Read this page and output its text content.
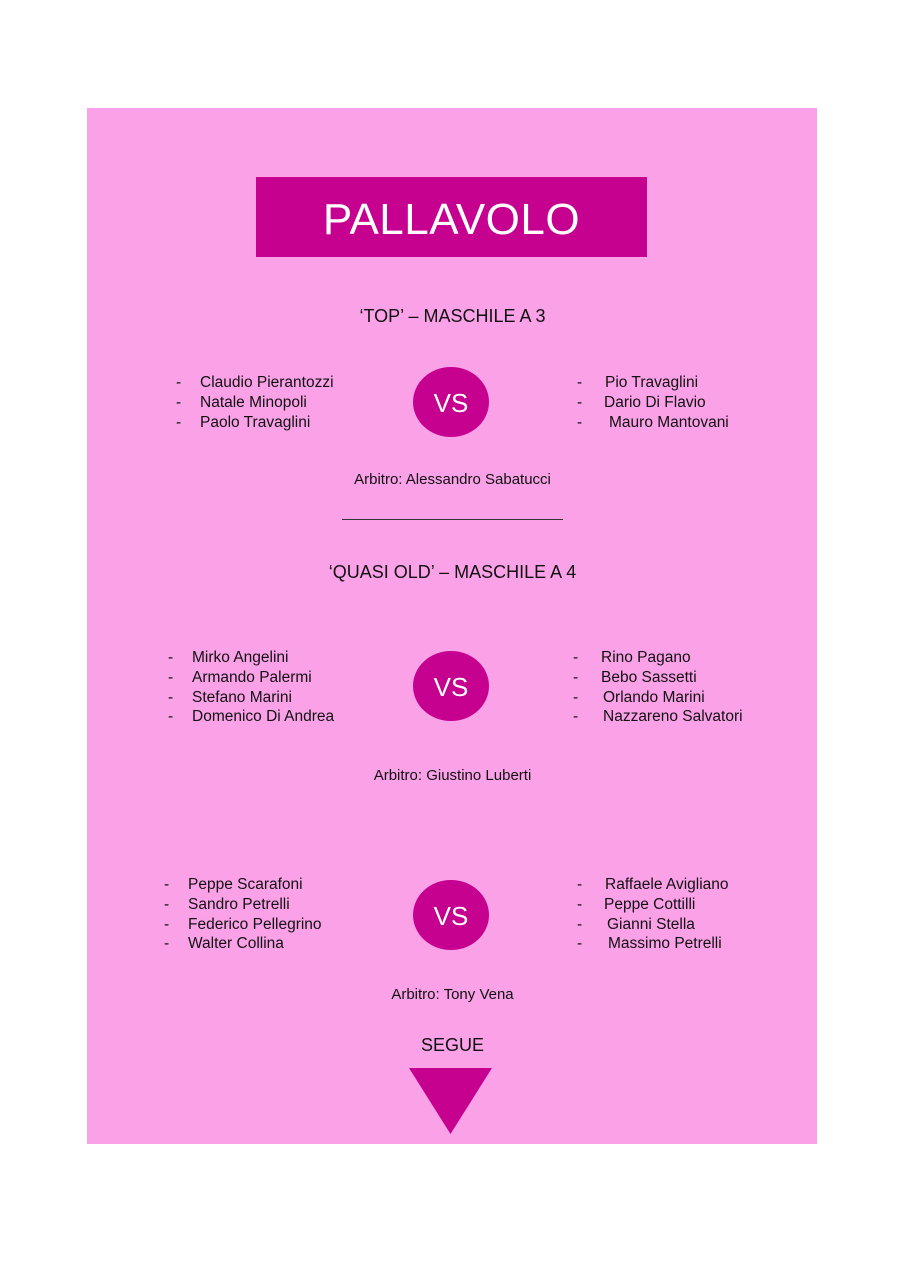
PALLAVOLO
‘TOP’ – MASCHILE A 3
- Claudio Pierantozzi
- Natale Minopoli
- Paolo Travaglini
VS
- Pio Travaglini
- Dario Di Flavio
- Mauro Mantovani
Arbitro: Alessandro Sabatucci
‘QUASI OLD’ – MASCHILE A 4
- Mirko Angelini
- Armando Palermi
- Stefano Marini
- Domenico Di Andrea
VS
- Rino Pagano
- Bebo Sassetti
- Orlando Marini
- Nazzareno Salvatori
Arbitro: Giustino Luberti
- Peppe Scarafoni
- Sandro Petrelli
- Federico Pellegrino
- Walter Collina
VS
- Raffaele Avigliano
- Peppe Cottilli
- Gianni Stella
- Massimo Petrelli
Arbitro: Tony Vena
SEGUE
